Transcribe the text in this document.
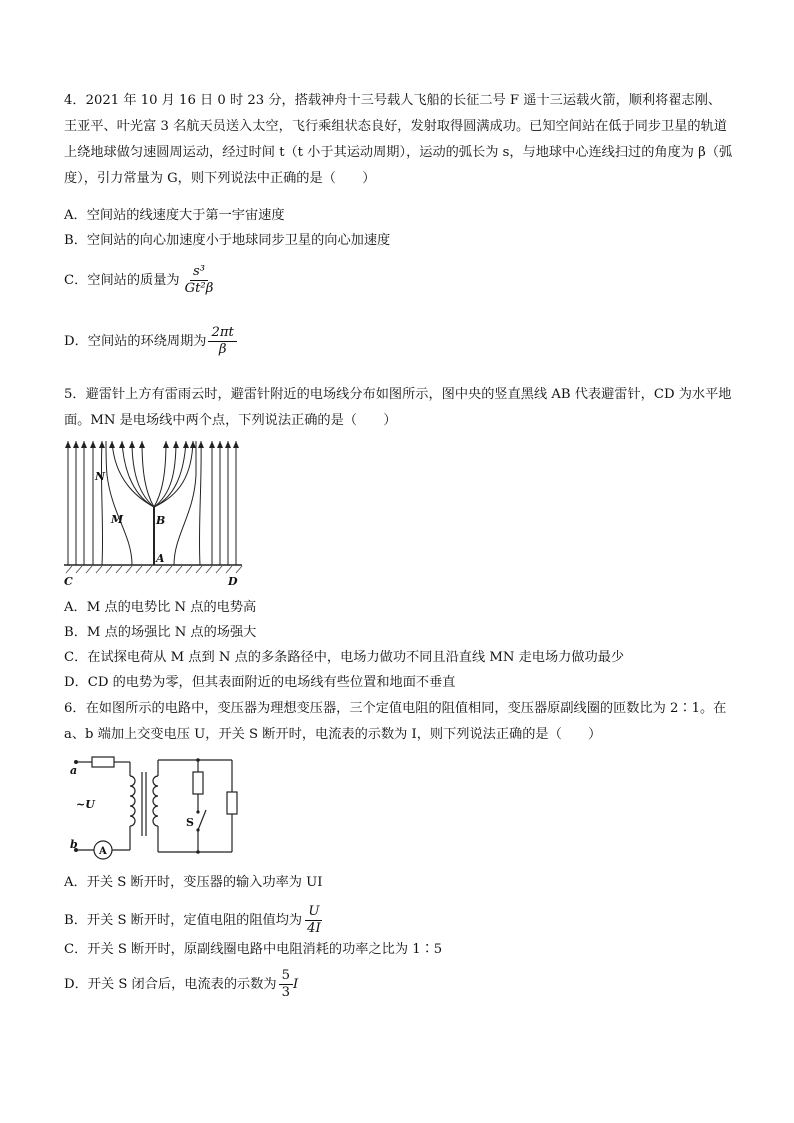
4．2021 年 10 月 16 日 0 时 23 分，搭载神舟十三号载人飞船的长征二号 F 遥十三运载火箭，顺利将翟志刚、王亚平、叶光富 3 名航天员送入太空，飞行乘组状态良好，发射取得圆满成功。已知空间站在低于同步卫星的轨道上绕地球做匀速圆周运动，经过时间 t（t 小于其运动周期），运动的弧长为 s，与地球中心连线扫过的角度为 β（弧度），引力常量为 G，则下列说法中正确的是（　　）
A．空间站的线速度大于第一宇宙速度
B．空间站的向心加速度小于地球同步卫星的向心加速度
C．空间站的质量为 $\frac{\text{s³}}{\text{Gt²β}}$
D．空间站的环绕周期为 $\frac{2\pi t}{\beta}$
5．避雷针上方有雷雨云时，避雷针附近的电场线分布如图所示，图中央的竖直黑线 AB 代表避雷针，CD 为水平地面。MN 是电场线中两个点，下列说法正确的是（　　）
N
M	B
A
C	D
A．M 点的电势比 N 点的电势高
B．M 点的场强比 N 点的场强大
C．在试探电荷从 M 点到 N 点的多条路径中，电场力做功不同且沿直线 MN 走电场力做功最少
D．CD 的电势为零，但其表面附近的电场线有些位置和地面不垂直
6．在如图所示的电路中，变压器为理想变压器，三个定值电阻的阻值相同，变压器原副线圈的匝数比为 2∶1。在 a、b 端加上交变电压 U，开关 S 断开时，电流表的示数为 I，则下列说法正确的是（　　）
a
b
~U
S
A
A．开关 S 断开时，变压器的输入功率为 UI
B．开关 S 断开时，定值电阻的阻值均为 $\frac{U}{4I}$
C．开关 S 断开时，原副线圈电路中电阻消耗的功率之比为 1∶5
D．开关 S 闭合后，电流表的示数为 $\frac{5}{3}$ I
